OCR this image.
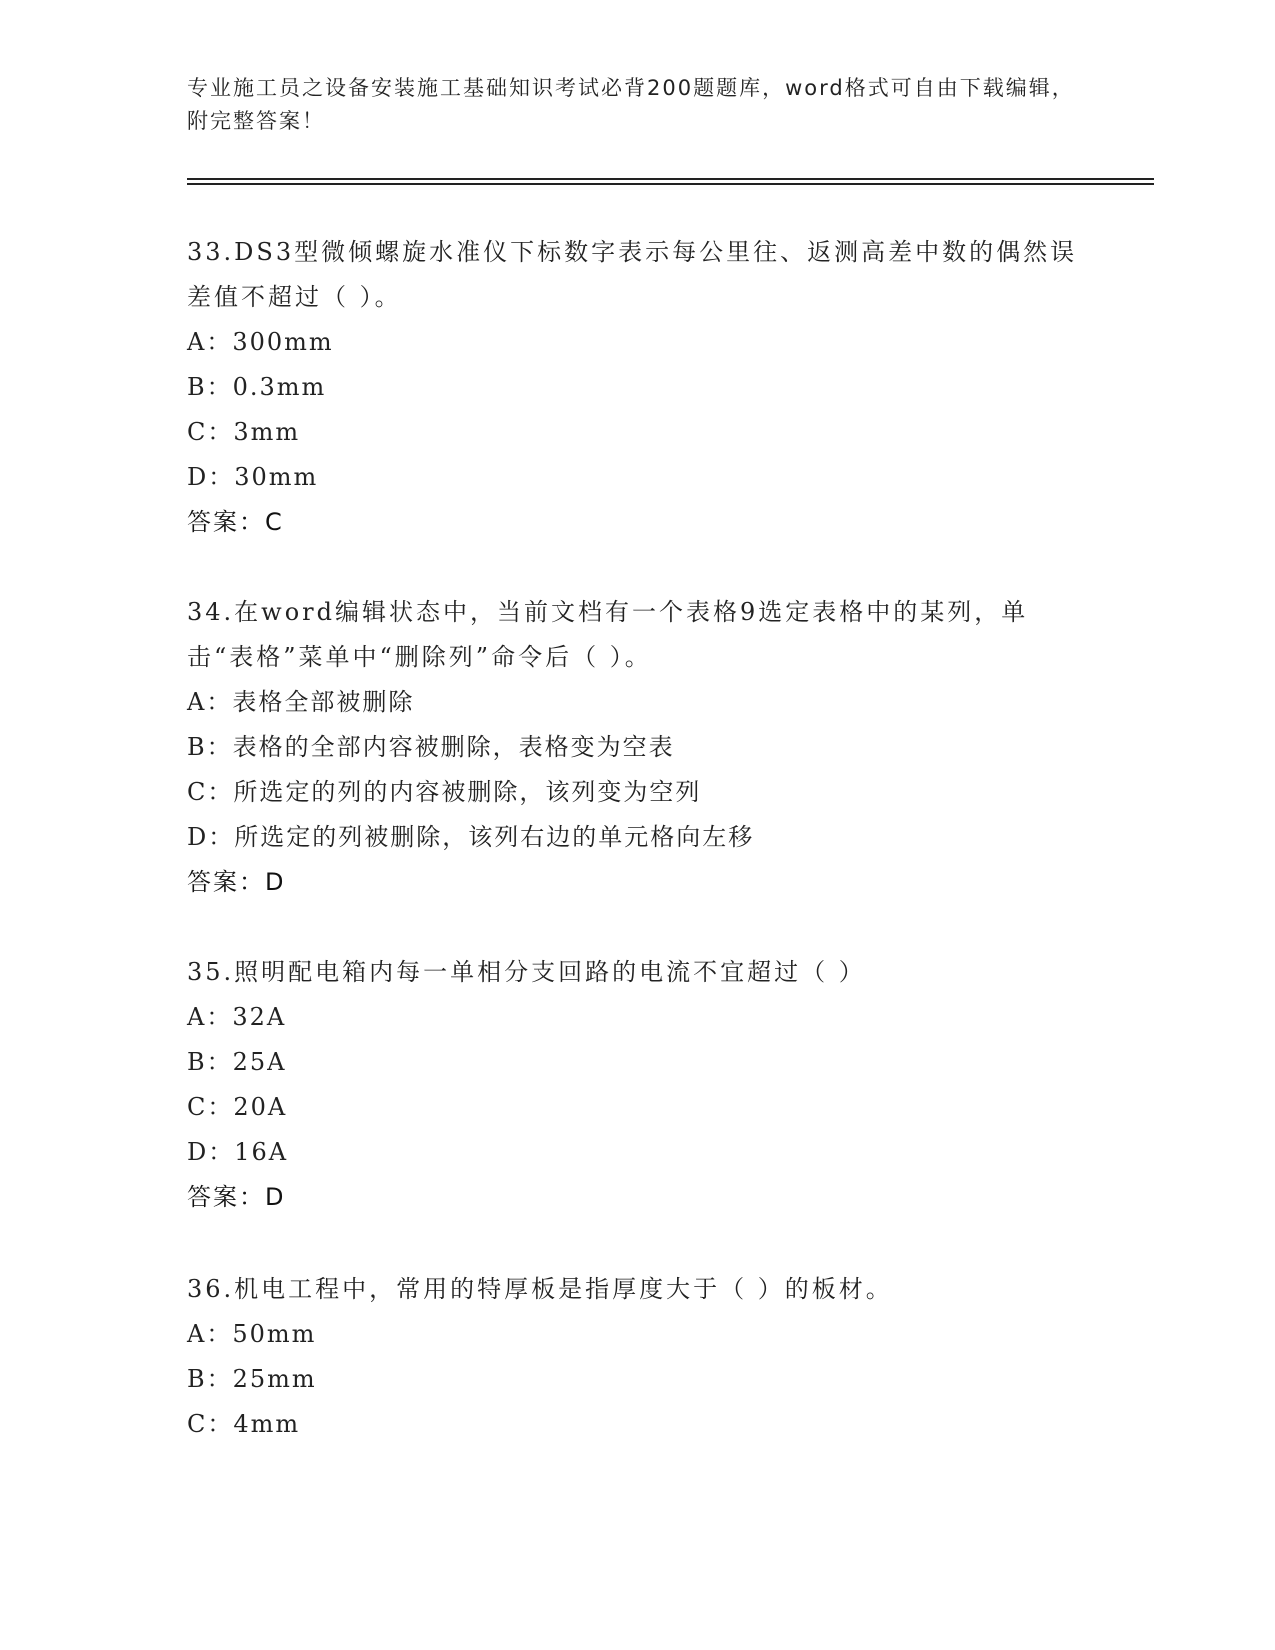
专业施工员之设备安装施工基础知识考试必背200题题库，word格式可自由下载编辑，附完整答案！

33.DS3型微倾螺旋水准仪下标数字表示每公里往、返测高差中数的偶然误差值不超过（ ）。

A：300mm

B：0.3mm

C：3mm

D：30mm

答案：C

34.在word编辑状态中，当前文档有一个表格9选定表格中的某列，单击“表格”菜单中“删除列”命令后（ ）。

A：表格全部被删除

B：表格的全部内容被删除，表格变为空表

C：所选定的列的内容被删除，该列变为空列

D：所选定的列被删除，该列右边的单元格向左移

答案：D

35.照明配电箱内每一单相分支回路的电流不宜超过（ ）

A：32A

B：25A

C：20A

D：16A

答案：D

36.机电工程中，常用的特厚板是指厚度大于（ ）的板材。

A：50mm

B：25mm

C：4mm
